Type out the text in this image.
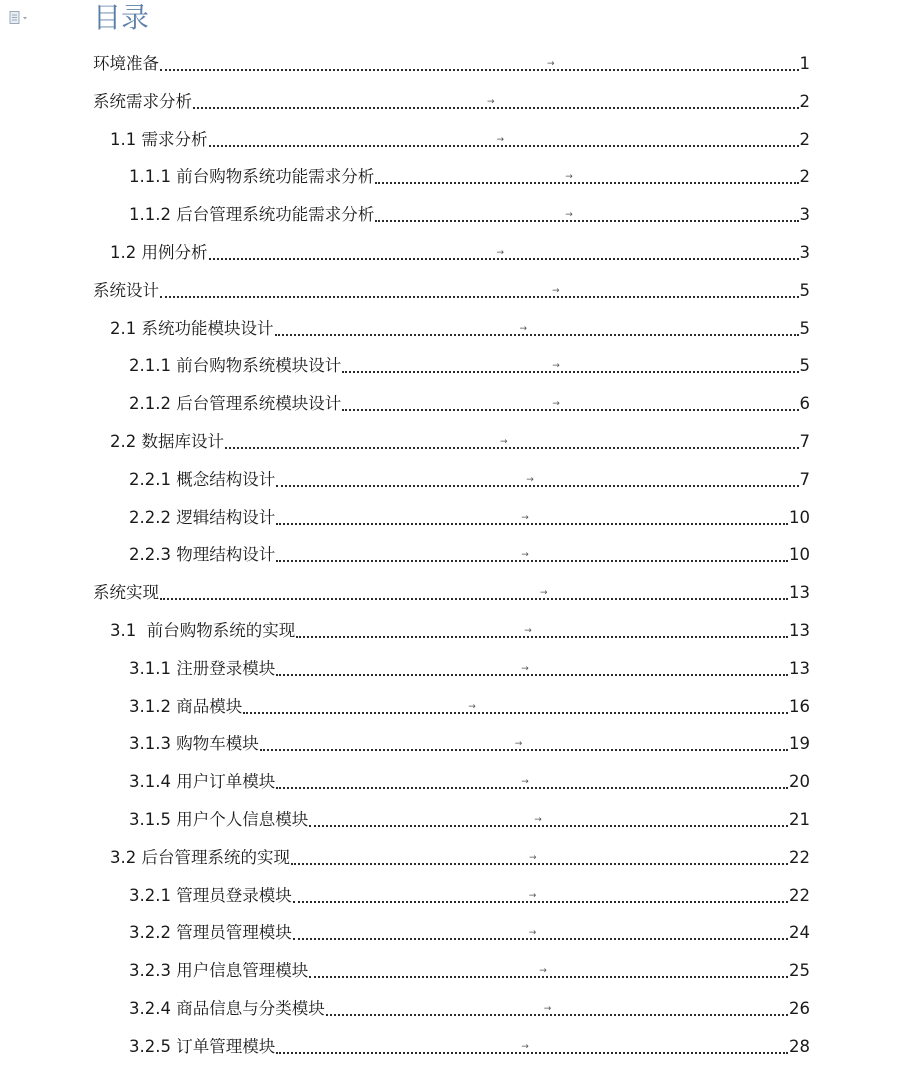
目录
环境准备	→	1
系统需求分析	→	2
1.1 需求分析	→	2
1.1.1 前台购物系统功能需求分析	→	2
1.1.2 后台管理系统功能需求分析	→	3
1.2 用例分析	→	3
系统设计	→	5
2.1 系统功能模块设计	→	5
2.1.1 前台购物系统模块设计	→	5
2.1.2 后台管理系统模块设计	→	6
2.2 数据库设计	→	7
2.2.1 概念结构设计	→	7
2.2.2 逻辑结构设计	→	10
2.2.3 物理结构设计	→	10
系统实现	→	13
3.1  前台购物系统的实现	→	13
3.1.1 注册登录模块	→	13
3.1.2 商品模块	→	16
3.1.3 购物车模块	→	19
3.1.4 用户订单模块	→	20
3.1.5 用户个人信息模块	→	21
3.2 后台管理系统的实现	→	22
3.2.1 管理员登录模块	→	22
3.2.2 管理员管理模块	→	24
3.2.3 用户信息管理模块	→	25
3.2.4 商品信息与分类模块	→	26
3.2.5 订单管理模块	→	28
